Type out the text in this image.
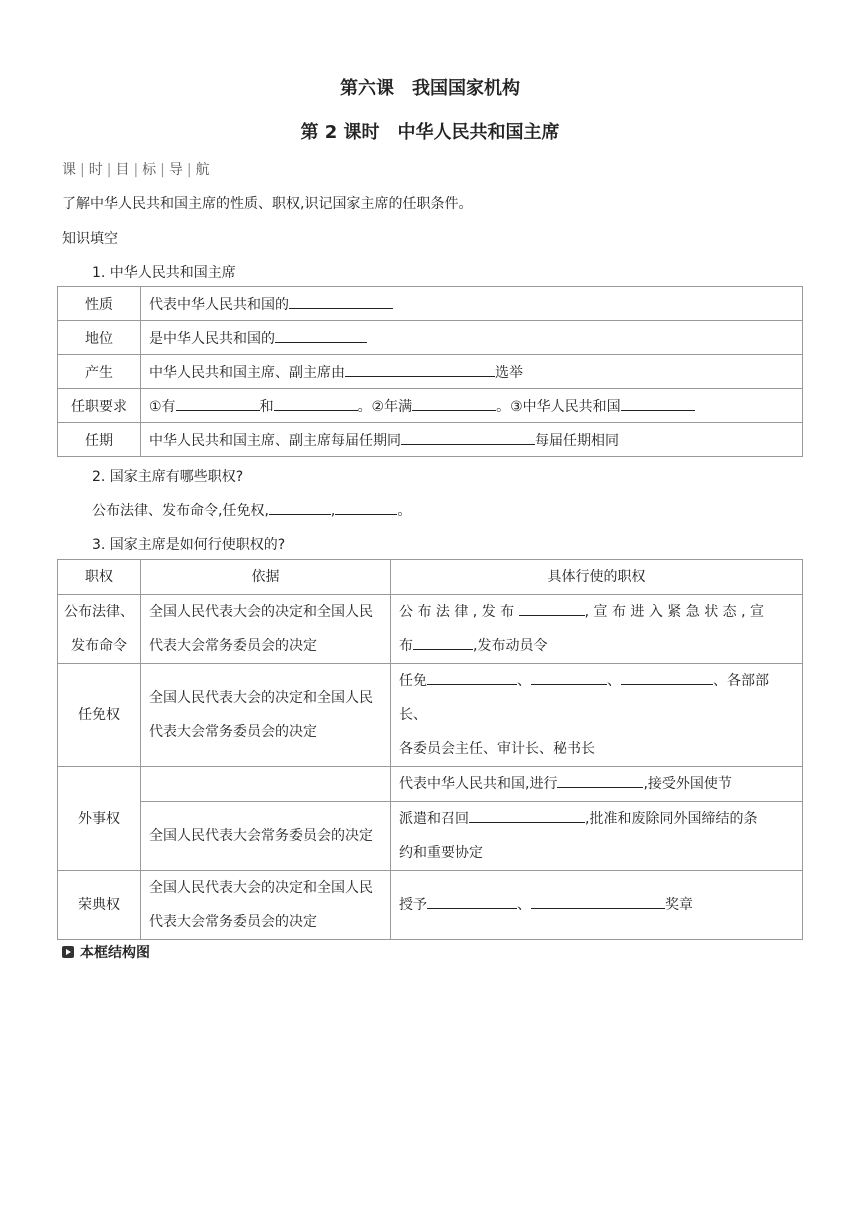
第六课　我国国家机构
第 2 课时　中华人民共和国主席
课 | 时 | 目 | 标 | 导 | 航
了解中华人民共和国主席的性质、职权,识记国家主席的任职条件。
知识填空
1. 中华人民共和国主席
性质	代表中华人民共和国的
地位	是中华人民共和国的
产生	中华人民共和国主席、副主席由 选举
任职要求	①有 和 。②年满 。③中华人民共和国
任期	中华人民共和国主席、副主席每届任期同 每届任期相同
2. 国家主席有哪些职权?
公布法律、发布命令,任免权,	,	。
3. 国家主席是如何行使职权的?
职权	依据	具体行使的职权
公布法律、发布命令	全国人民代表大会的决定和全国人民代表大会常务委员会的决定	公 布 法 律 , 发 布 , 宣 布 进 入 紧 急 状 态 , 宣
布 ,发布动员令
任免权	全国人民代表大会的决定和全国人民代表大会常务委员会的决定	任免 、 、 、各部部长、
各委员会主任、审计长、秘书长
外事权		代表中华人民共和国,进行 ,接受外国使节
	全国人民代表大会常务委员会的决定	派遣和召回 ,批准和废除同外国缔结的条
约和重要协定
荣典权	全国人民代表大会的决定和全国人民代表大会常务委员会的决定	授予 、 奖章
本框结构图
